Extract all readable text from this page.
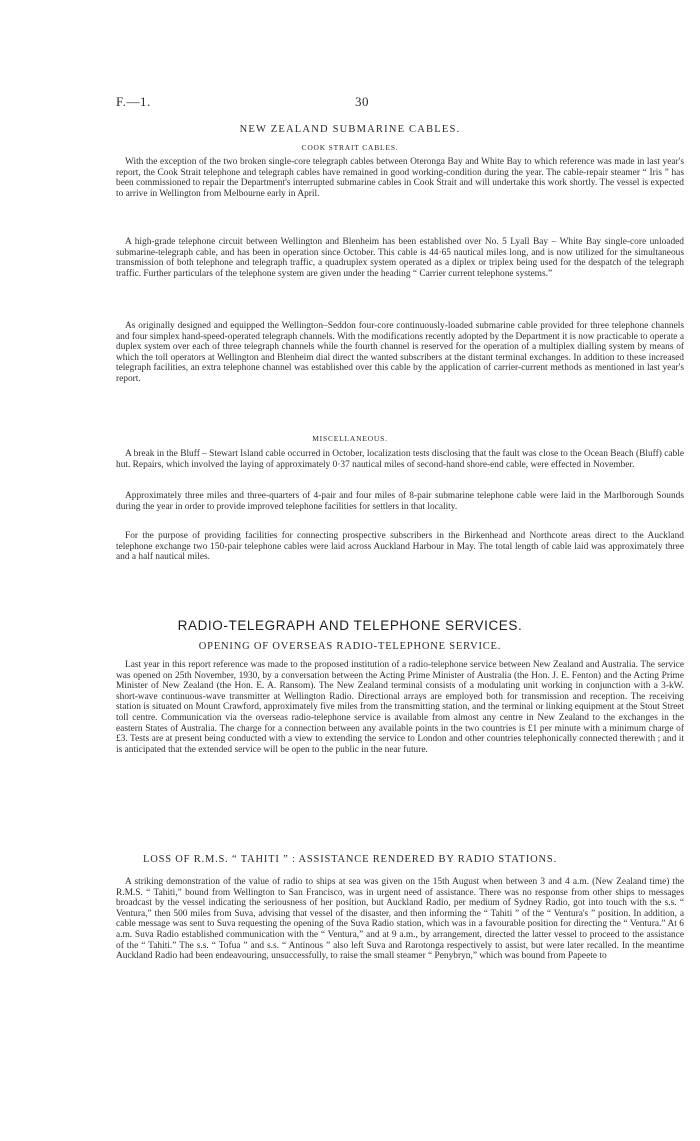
F.—1.	30
NEW ZEALAND SUBMARINE CABLES.
COOK STRAIT CABLES.

With the exception of the two broken single-core telegraph cables between Oteronga Bay and White Bay to which reference was made in last year's report, the Cook Strait telephone and telegraph cables have remained in good working-condition during the year. The cable-repair steamer “ Iris ” has been commissioned to repair the Department's interrupted submarine cables in Cook Strait and will undertake this work shortly. The vessel is expected to arrive in Wellington from Melbourne early in April.

A high-grade telephone circuit between Wellington and Blenheim has been established over No. 5 Lyall Bay – White Bay single-core unloaded submarine-telegraph cable, and has been in operation since October. This cable is 44·65 nautical miles long, and is now utilized for the simultaneous transmission of both telephone and telegraph traffic, a quadruplex system operated as a diplex or triplex being used for the despatch of the telegraph traffic. Further particulars of the telephone system are given under the heading “ Carrier current telephone systems.”

As originally designed and equipped the Wellington–Seddon four-core continuously-loaded submarine cable provided for three telephone channels and four simplex hand-speed-operated telegraph channels. With the modifications recently adopted by the Department it is now practicable to operate a duplex system over each of three telegraph channels while the fourth channel is reserved for the operation of a multiplex dialling system by means of which the toll operators at Wellington and Blenheim dial direct the wanted subscribers at the distant terminal exchanges. In addition to these increased telegraph facilities, an extra telephone channel was established over this cable by the application of carrier-current methods as mentioned in last year's report.

MISCELLANEOUS.

A break in the Bluff – Stewart Island cable occurred in October, localization tests disclosing that the fault was close to the Ocean Beach (Bluff) cable hut. Repairs, which involved the laying of approximately 0·37 nautical miles of second-hand shore-end cable, were effected in November.

Approximately three miles and three-quarters of 4-pair and four miles of 8-pair submarine telephone cable were laid in the Marlborough Sounds during the year in order to provide improved telephone facilities for settlers in that locality.

For the purpose of providing facilities for connecting prospective subscribers in the Birkenhead and Northcote areas direct to the Auckland telephone exchange two 150-pair telephone cables were laid across Auckland Harbour in May. The total length of cable laid was approximately three and a half nautical miles.

RADIO-TELEGRAPH AND TELEPHONE SERVICES.
OPENING OF OVERSEAS RADIO-TELEPHONE SERVICE.

Last year in this report reference was made to the proposed institution of a radio-telephone service between New Zealand and Australia. The service was opened on 25th November, 1930, by a conversation between the Acting Prime Minister of Australia (the Hon. J. E. Fenton) and the Acting Prime Minister of New Zealand (the Hon. E. A. Ransom). The New Zealand terminal consists of a modulating unit working in conjunction with a 3-kW. short-wave continuous-wave transmitter at Wellington Radio. Directional arrays are employed both for transmission and reception. The receiving station is situated on Mount Crawford, approximately five miles from the transmitting station, and the terminal or linking equipment at the Stout Street toll centre. Communication via the overseas radio-telephone service is available from almost any centre in New Zealand to the exchanges in the eastern States of Australia. The charge for a connection between any available points in the two countries is £1 per minute with a minimum charge of £3. Tests are at present being conducted with a view to extending the service to London and other countries telephonically connected therewith ; and it is anticipated that the extended service will be open to the public in the near future.

LOSS OF R.M.S. “ TAHITI ” : ASSISTANCE RENDERED BY RADIO STATIONS.

A striking demonstration of the value of radio to ships at sea was given on the 15th August when between 3 and 4 a.m. (New Zealand time) the R.M.S. “ Tahiti,” bound from Wellington to San Francisco, was in urgent need of assistance. There was no response from other ships to messages broadcast by the vessel indicating the seriousness of her position, but Auckland Radio, per medium of Sydney Radio, got into touch with the s.s. “ Ventura,” then 500 miles from Suva, advising that vessel of the disaster, and then informing the “ Tahiti ” of the “ Ventura's ” position. In addition, a cable message was sent to Suva requesting the opening of the Suva Radio station, which was in a favourable position for directing the “ Ventura.” At 6 a.m. Suva Radio established communication with the “ Ventura,” and at 9 a.m., by arrangement, directed the latter vessel to proceed to the assistance of the “ Tahiti.” The s.s. “ Tofua ” and s.s. “ Antinous ” also left Suva and Rarotonga respectively to assist, but were later recalled. In the meantime Auckland Radio had been endeavouring, unsuccessfully, to raise the small steamer “ Penybryn,” which was bound from Papeete to
